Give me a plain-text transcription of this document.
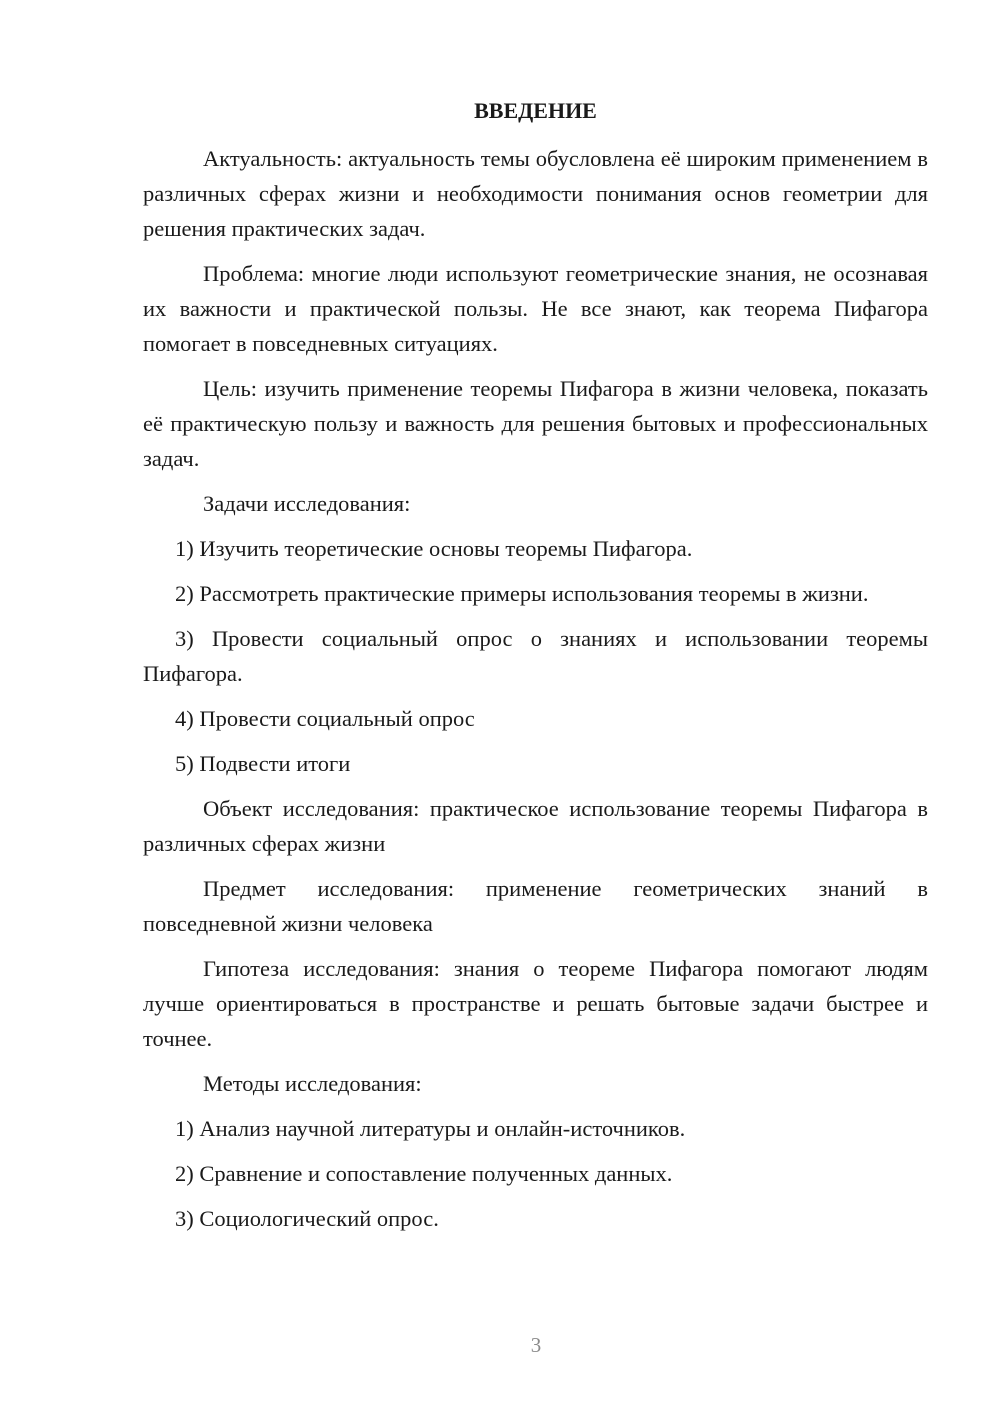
ВВЕДЕНИЕ

Актуальность: актуальность темы обусловлена её широким применением в различных сферах жизни и необходимости понимания основ геометрии для решения практических задач.

Проблема: многие люди используют геометрические знания, не осознавая их важности и практической пользы. Не все знают, как теорема Пифагора помогает в повседневных ситуациях.

Цель: изучить применение теоремы Пифагора в жизни человека, показать её практическую пользу и важность для решения бытовых и профессиональных задач.

Задачи исследования:

1) Изучить теоретические основы теоремы Пифагора.

2) Рассмотреть практические примеры использования теоремы в жизни.

3) Провести социальный опрос о знаниях и использовании теоремы Пифагора.

4) Провести социальный опрос

5) Подвести итоги

Объект исследования: практическое использование теоремы Пифагора в различных сферах жизни

Предмет исследования: применение геометрических знаний в повседневной жизни человека

Гипотеза исследования: знания о теореме Пифагора помогают людям лучше ориентироваться в пространстве и решать бытовые задачи быстрее и точнее.

Методы исследования:

1) Анализ научной литературы и онлайн-источников.

2) Сравнение и сопоставление полученных данных.

3) Социологический опрос.

3
